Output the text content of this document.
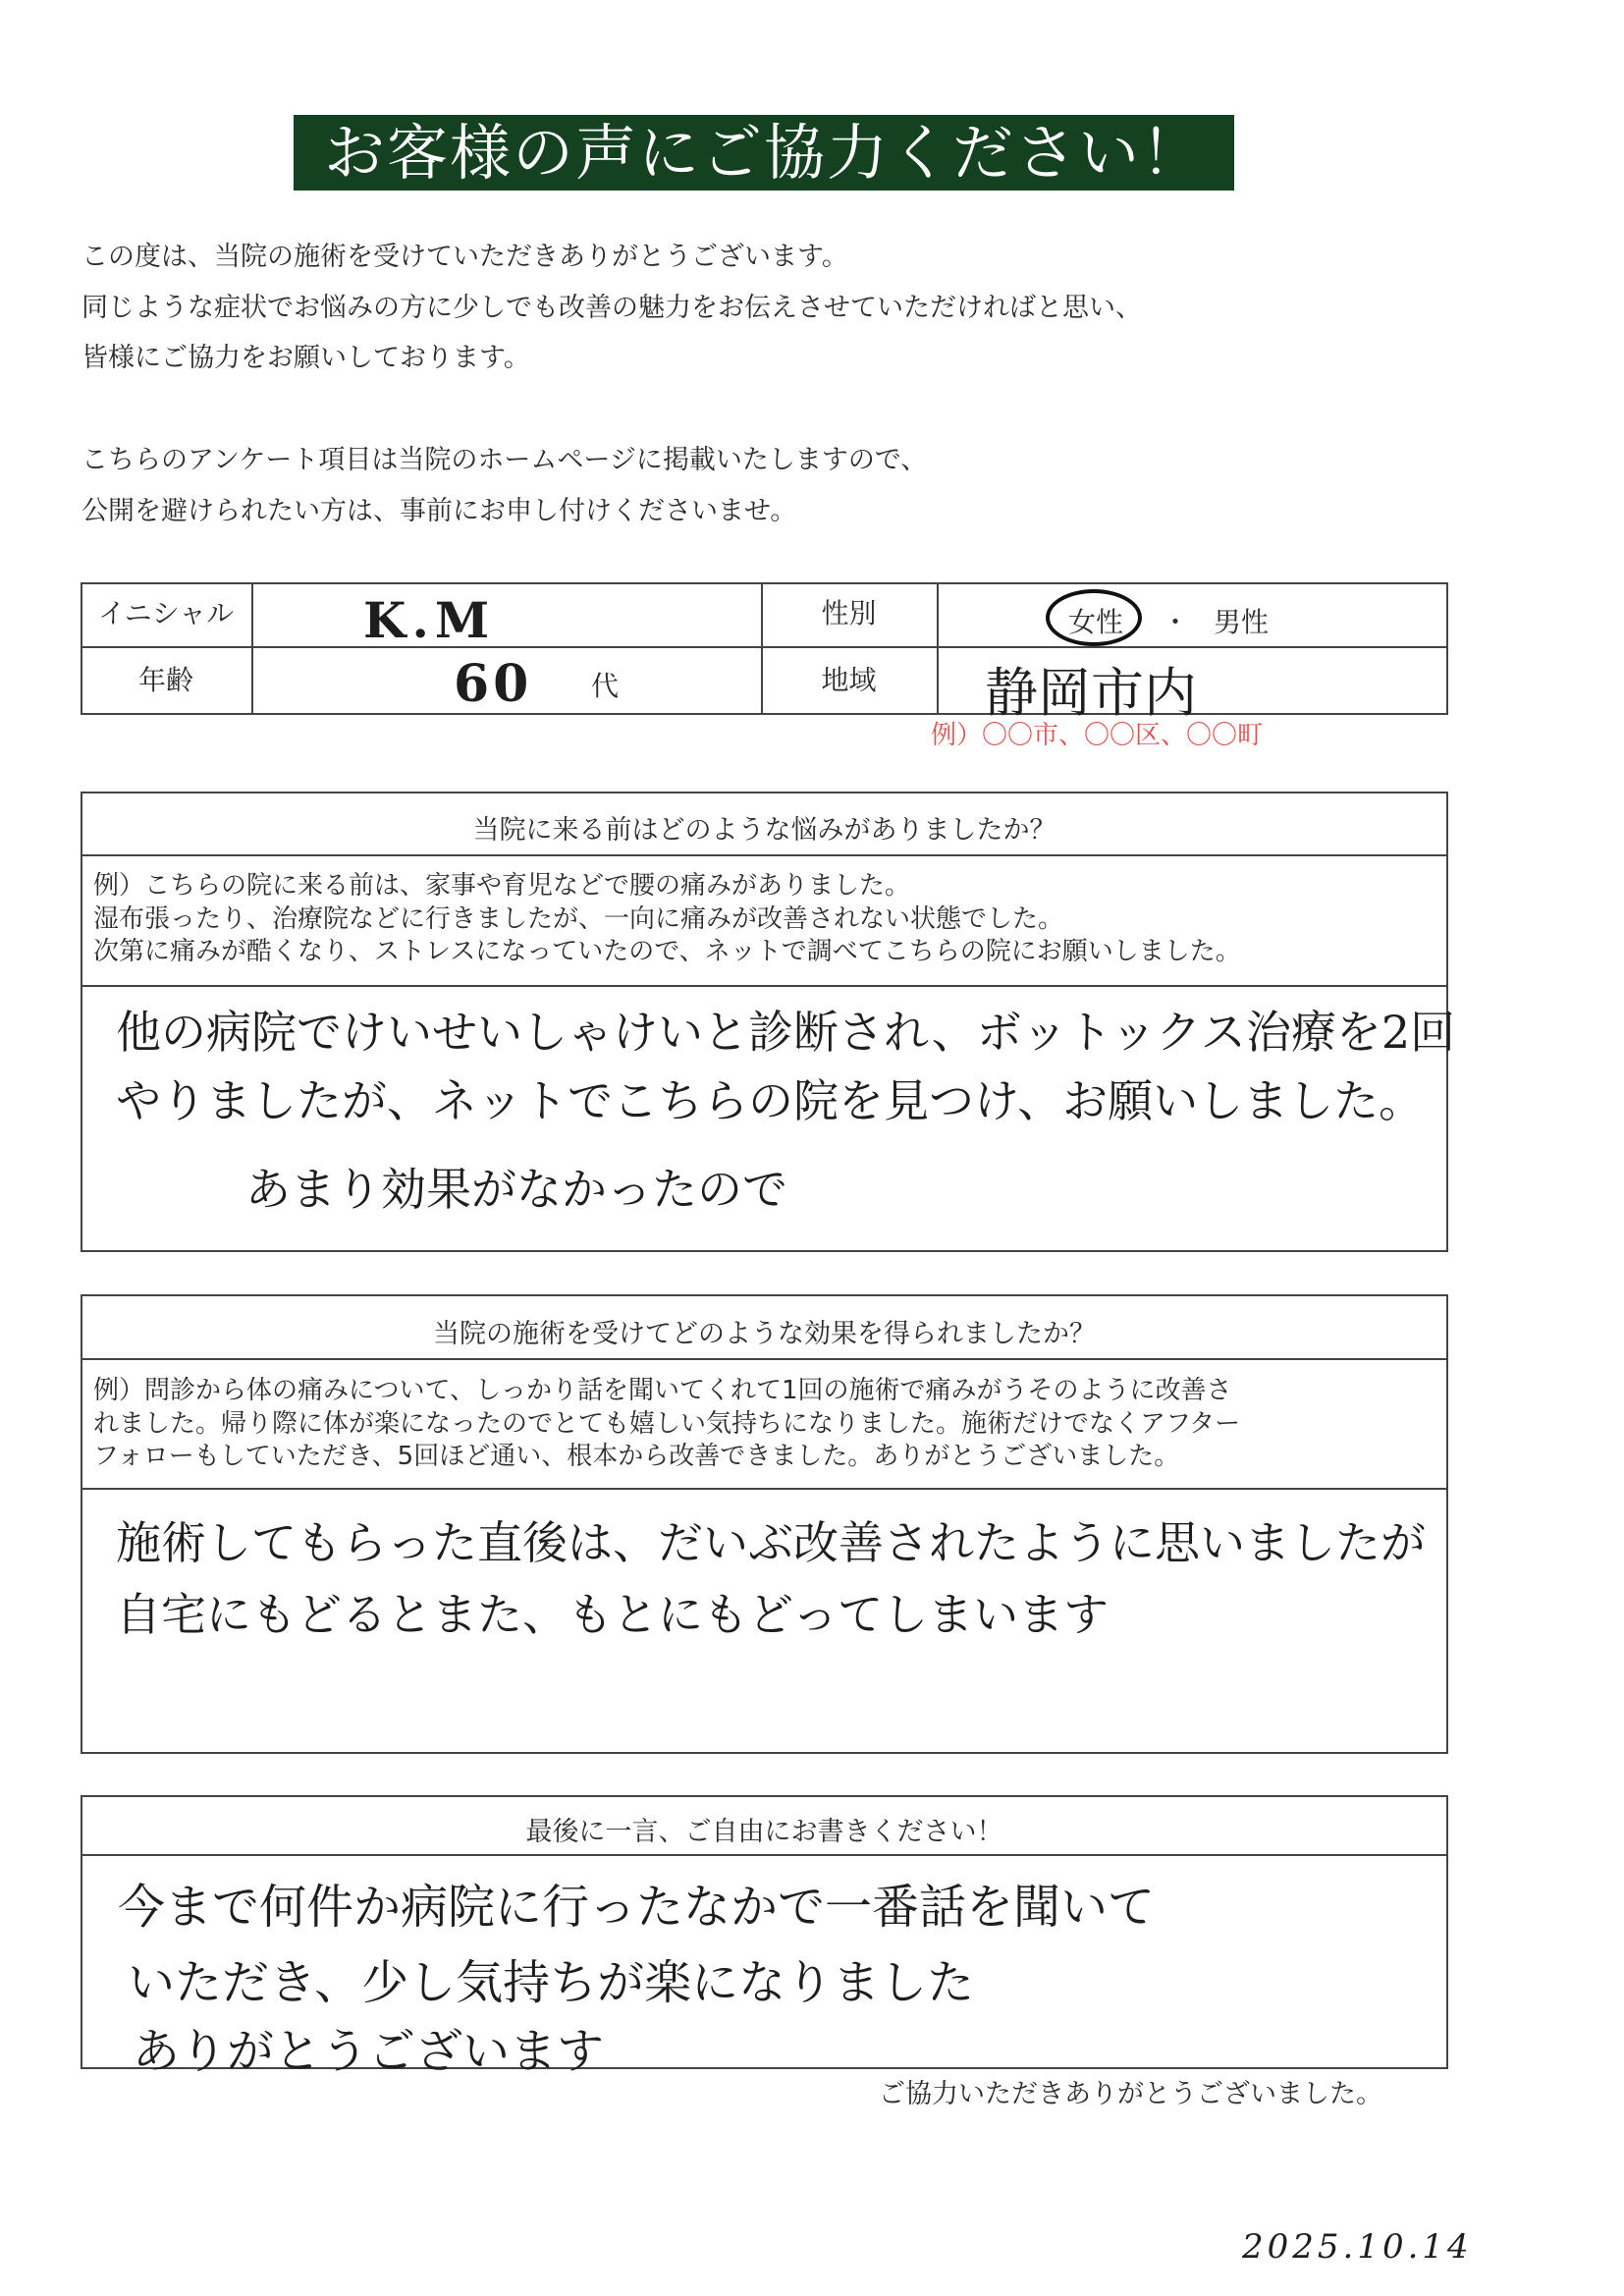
お客様の声にご協力ください！
この度は、当院の施術を受けていただきありがとうございます。
同じような症状でお悩みの方に少しでも改善の魅力をお伝えさせていただければと思い、
皆様にご協力をお願いしております。
こちらのアンケート項目は当院のホームページに掲載いたしますので、
公開を避けられたい方は、事前にお申し付けくださいませ。
イニシャル	K.M	性別	女性 ・ 男性
年齢	60 代	地域	静岡市内
例）〇〇市、〇〇区、〇〇町
当院に来る前はどのような悩みがありましたか？
例）こちらの院に来る前は、家事や育児などで腰の痛みがありました。
湿布張ったり、治療院などに行きましたが、一向に痛みが改善されない状態でした。
次第に痛みが酷くなり、ストレスになっていたので、ネットで調べてこちらの院にお願いしました。
他の病院でけいせいしゃけいと診断され、ボットックス治療を2回
やりましたが、ネットでこちらの院を見つけ、お願いしました。
あまり効果がなかったので
当院の施術を受けてどのような効果を得られましたか？
例）問診から体の痛みについて、しっかり話を聞いてくれて1回の施術で痛みがうそのように改善さ
れました。帰り際に体が楽になったのでとても嬉しい気持ちになりました。施術だけでなくアフター
フォローもしていただき、5回ほど通い、根本から改善できました。ありがとうございました。
施術してもらった直後は、だいぶ改善されたように思いましたが
自宅にもどるとまた、もとにもどってしまいます
最後に一言、ご自由にお書きください！
今まで何件か病院に行ったなかで一番話を聞いて
いただき、少し気持ちが楽になりました
ありがとうございます
ご協力いただきありがとうございました。
2025.10.14
